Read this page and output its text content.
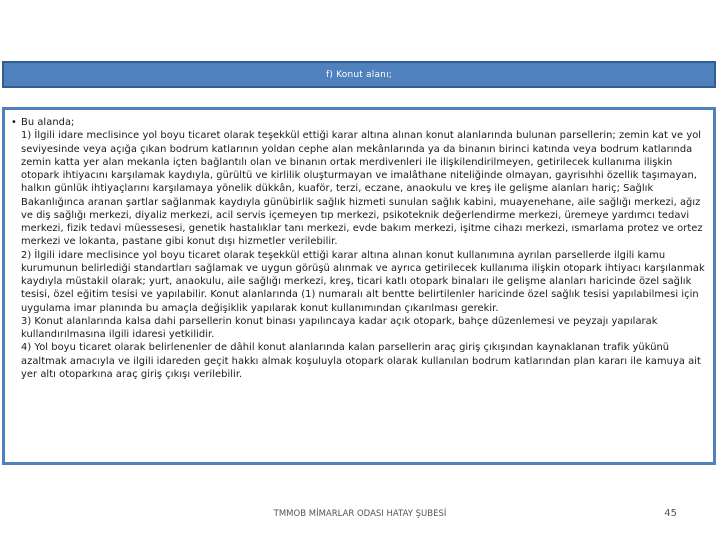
f) Konut alanı;
• Bu alanda;
1) İlgili idare meclisince yol boyu ticaret olarak teşekkül ettiği karar altına alınan konut alanlarında bulunan parsellerin; zemin kat ve yol seviyesinde veya açığa çıkan bodrum katlarının yoldan cephe alan mekânlarında ya da binanın birinci katında veya bodrum katlarında zemin katta yer alan mekanla içten bağlantılı olan ve binanın ortak merdivenleri ile ilişkilendirilmeyen, getirilecek kullanıma ilişkin otopark ihtiyacını karşılamak kaydıyla, gürültü ve kirlilik oluşturmayan ve imalâthane niteliğinde olmayan, gayrisıhhi özellik taşımayan, halkın günlük ihtiyaçlarını karşılamaya yönelik dükkân, kuaför, terzi, eczane, anaokulu ve kreş ile gelişme alanları hariç; Sağlık Bakanlığınca aranan şartlar sağlanmak kaydıyla günübirlik sağlık hizmeti sunulan sağlık kabini, muayenehane, aile sağlığı merkezi, ağız ve diş sağlığı merkezi, diyaliz merkezi, acil servis içemeyen tıp merkezi, psikoteknik değerlendirme merkezi, üremeye yardımcı tedavi merkezi, fizik tedavi müessesesi, genetik hastalıklar tanı merkezi, evde bakım merkezi, işitme cihazı merkezi, ısmarlama protez ve ortez merkezi ve lokanta, pastane gibi konut dışı hizmetler verilebilir.
2) İlgili idare meclisince yol boyu ticaret olarak teşekkül ettiği karar altına alınan konut kullanımına ayrılan parsellerde ilgili kamu kurumunun belirlediği standartları sağlamak ve uygun görüşü alınmak ve ayrıca getirilecek kullanıma ilişkin otopark ihtiyacı karşılanmak kaydıyla müstakil olarak; yurt, anaokulu, aile sağlığı merkezi, kreş, ticari katlı otopark binaları ile gelişme alanları haricinde özel sağlık tesisi, özel eğitim tesisi ve yapılabilir. Konut alanlarında (1) numaralı alt bentte belirtilenler haricinde özel sağlık tesisi yapılabilmesi için uygulama imar planında bu amaçla değişiklik yapılarak konut kullanımından çıkarılması gerekir.
3) Konut alanlarında kalsa dahi parsellerin konut binası yapılıncaya kadar açık otopark, bahçe düzenlemesi ve peyzajı yapılarak kullandırılmasına ilgili idaresi yetkilidir.
4) Yol boyu ticaret olarak belirlenenler de dâhil konut alanlarında kalan parsellerin araç giriş çıkışından kaynaklanan trafik yükünü azaltmak amacıyla ve ilgili idareden geçit hakkı almak koşuluyla otopark olarak kullanılan bodrum katlarından plan kararı ile kamuya ait yer altı otoparkına araç giriş çıkışı verilebilir.
TMMOB MİMARLAR ODASI HATAY ŞUBESİ	45
